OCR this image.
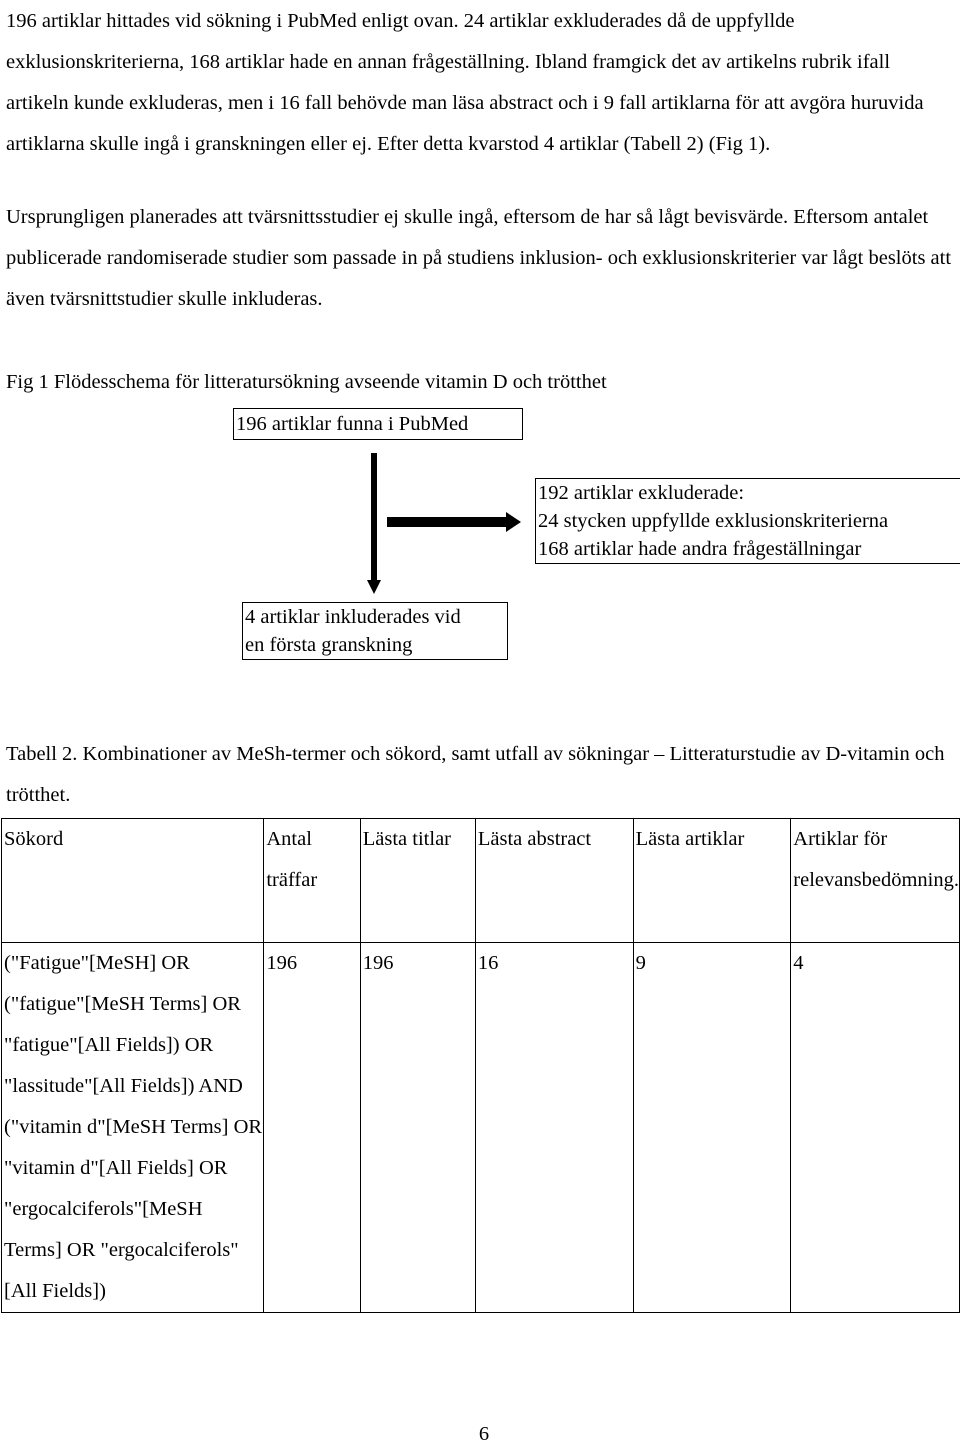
196 artiklar hittades vid sökning i PubMed enligt ovan. 24 artiklar exkluderades då de uppfyllde exklusionskriterierna, 168 artiklar hade en annan frågeställning. Ibland framgick det av artikelns rubrik ifall artikeln kunde exkluderas, men i 16 fall behövde man läsa abstract och i 9 fall artiklarna för att avgöra huruvida artiklarna skulle ingå i granskningen eller ej. Efter detta kvarstod 4 artiklar (Tabell 2) (Fig 1).

Ursprungligen planerades att tvärsnittsstudier ej skulle ingå, eftersom de har så lågt bevisvärde. Eftersom antalet publicerade randomiserade studier som passade in på studiens inklusion- och exklusionskriterier var lågt beslöts att även tvärsnittstudier skulle inkluderas.

Fig 1 Flödesschema för litteratursökning avseende vitamin D och trötthet

196 artiklar funna i PubMed
192 artiklar exkluderade:
24 stycken uppfyllde exklusionskriterierna
168 artiklar hade andra frågeställningar
4 artiklar inkluderades vid
en första granskning

Tabell 2. Kombinationer av MeSh-termer och sökord, samt utfall av sökningar – Litteraturstudie av D-vitamin och trötthet.

Sökord	Antal träffar	Lästa titlar	Lästa abstract	Lästa artiklar	Artiklar för relevansbedömning.
("Fatigue"[MeSH] OR ("fatigue"[MeSH Terms] OR "fatigue"[All Fields]) OR "lassitude"[All Fields]) AND ("vitamin d"[MeSH Terms] OR "vitamin d"[All Fields] OR "ergocalciferols"[MeSH Terms] OR "ergocalciferols"[All Fields])	196	196	16	9	4
6
